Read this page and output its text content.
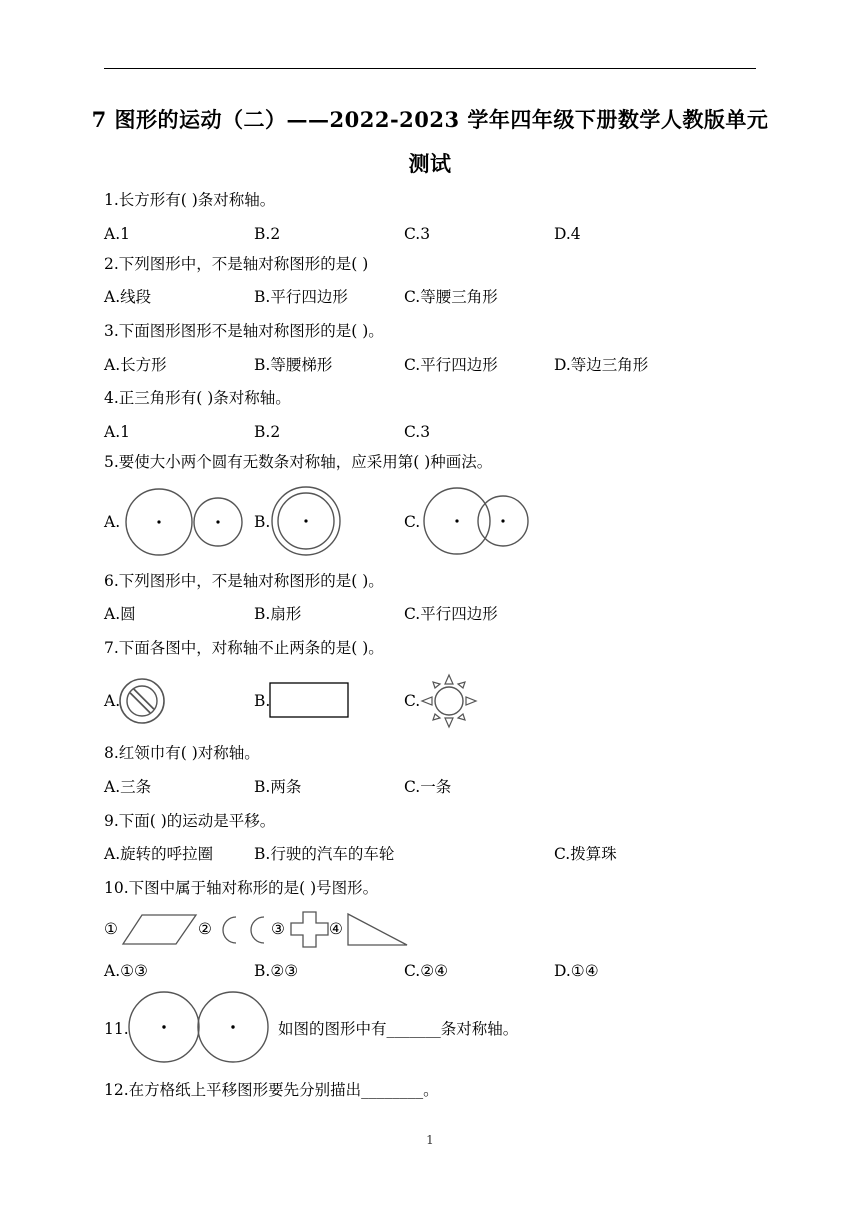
7 图形的运动（二）——2022-2023 学年四年级下册数学人教版单元
测试
1.长方形有( )条对称轴。
A.1	B.2	C.3	D.4
2.下列图形中，不是轴对称图形的是( )
A.线段	B.平行四边形	C.等腰三角形
3.下面图形图形不是轴对称图形的是( )。
A.长方形	B.等腰梯形	C.平行四边形	D.等边三角形
4.正三角形有( )条对称轴。
A.1	B.2	C.3
5.要使大小两个圆有无数条对称轴，应采用第( )种画法。
A.	B.	C.
6.下列图形中，不是轴对称图形的是( )。
A.圆	B.扇形	C.平行四边形
7.下面各图中，对称轴不止两条的是( )。
A.	B.	C.
8.红领巾有( )对称轴。
A.三条	B.两条	C.一条
9.下面( )的运动是平移。
A.旋转的呼拉圈	B.行驶的汽车的车轮	C.拨算珠
10.下图中属于轴对称形的是( )号图形。
①	②	③	④
A.①③	B.②③	C.②④	D.①④
11.	如图的图形中有_______条对称轴。
12.在方格纸上平移图形要先分别描出________。
1
